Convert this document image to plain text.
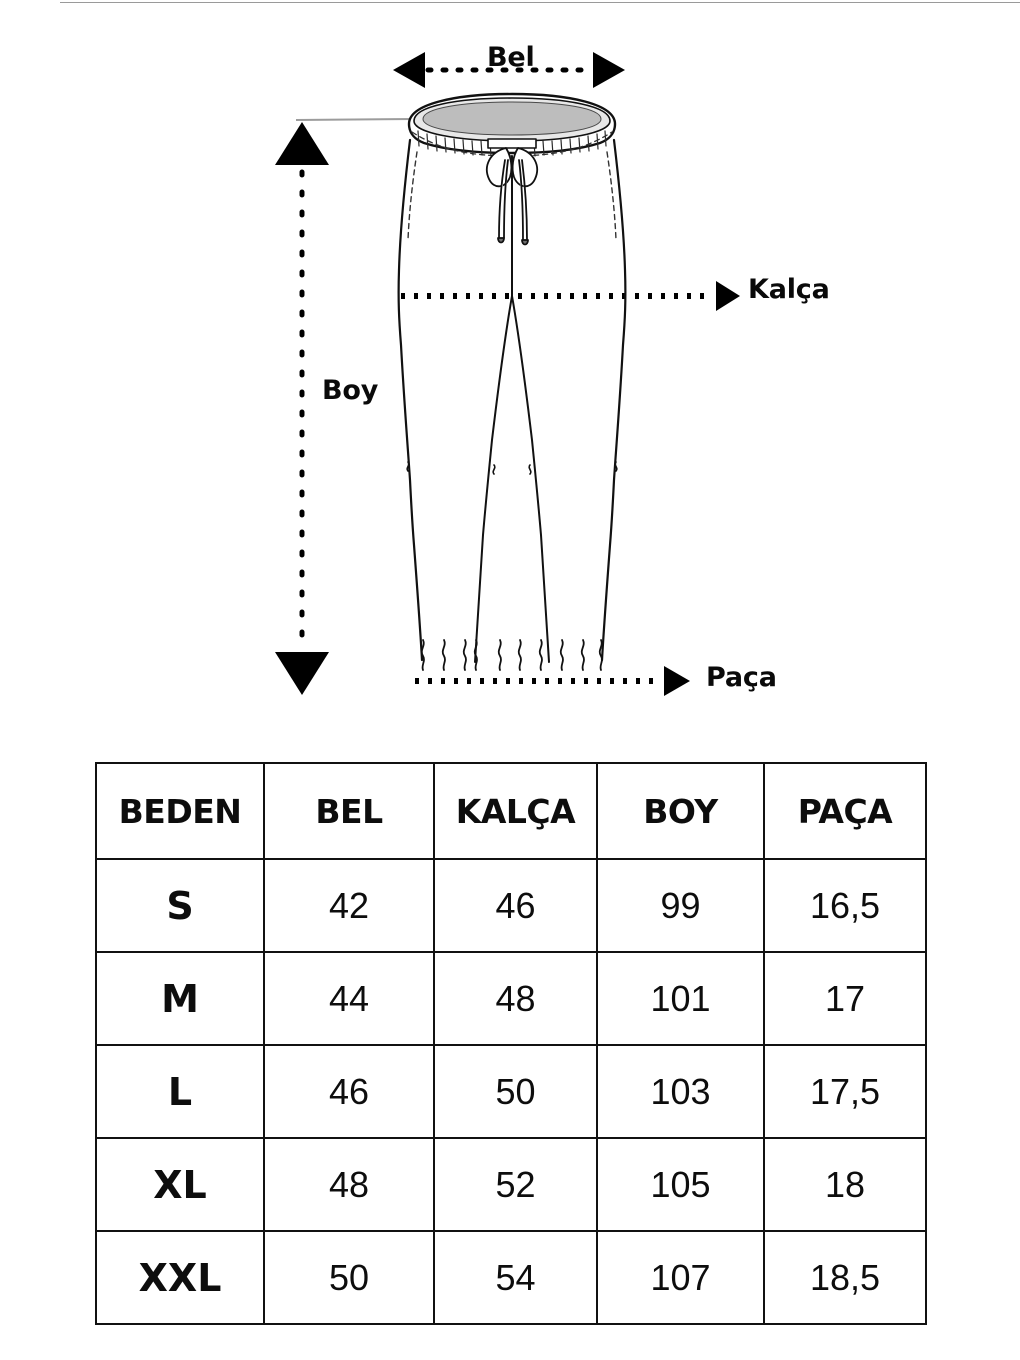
Bel
Kalça
Boy
Paça
BEDEN	BEL	KALÇA	BOY	PAÇA
S	42	46	99	16,5
M	44	48	101	17
L	46	50	103	17,5
XL	48	52	105	18
XXL	50	54	107	18,5
